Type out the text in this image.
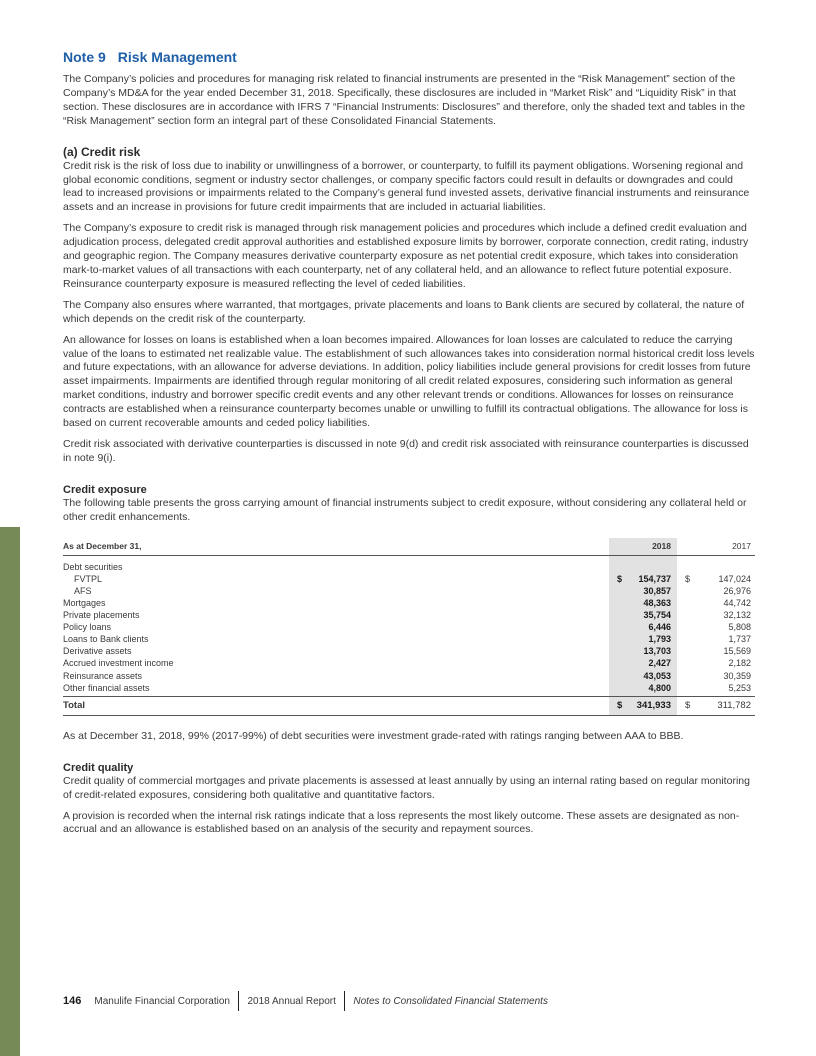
Note 9 Risk Management

The Company’s policies and procedures for managing risk related to financial instruments are presented in the “Risk Management” section of the Company’s MD&A for the year ended December 31, 2018. Specifically, these disclosures are included in “Market Risk” and “Liquidity Risk” in that section. These disclosures are in accordance with IFRS 7 “Financial Instruments: Disclosures” and therefore, only the shaded text and tables in the “Risk Management” section form an integral part of these Consolidated Financial Statements.

(a) Credit risk

Credit risk is the risk of loss due to inability or unwillingness of a borrower, or counterparty, to fulfill its payment obligations. Worsening regional and global economic conditions, segment or industry sector challenges, or company specific factors could result in defaults or downgrades and could lead to increased provisions or impairments related to the Company’s general fund invested assets, derivative financial instruments and reinsurance assets and an increase in provisions for future credit impairments that are included in actuarial liabilities.

The Company’s exposure to credit risk is managed through risk management policies and procedures which include a defined credit evaluation and adjudication process, delegated credit approval authorities and established exposure limits by borrower, corporate connection, credit rating, industry and geographic region. The Company measures derivative counterparty exposure as net potential credit exposure, which takes into consideration mark-to-market values of all transactions with each counterparty, net of any collateral held, and an allowance to reflect future potential exposure. Reinsurance counterparty exposure is measured reflecting the level of ceded liabilities.

The Company also ensures where warranted, that mortgages, private placements and loans to Bank clients are secured by collateral, the nature of which depends on the credit risk of the counterparty.

An allowance for losses on loans is established when a loan becomes impaired. Allowances for loan losses are calculated to reduce the carrying value of the loans to estimated net realizable value. The establishment of such allowances takes into consideration normal historical credit loss levels and future expectations, with an allowance for adverse deviations. In addition, policy liabilities include general provisions for credit losses from future asset impairments. Impairments are identified through regular monitoring of all credit related exposures, considering such information as general market conditions, industry and borrower specific credit events and any other relevant trends or conditions. Allowances for losses on reinsurance contracts are established when a reinsurance counterparty becomes unable or unwilling to fulfill its contractual obligations. The allowance for loss is based on current recoverable amounts and ceded policy liabilities.

Credit risk associated with derivative counterparties is discussed in note 9(d) and credit risk associated with reinsurance counterparties is discussed in note 9(i).

Credit exposure

The following table presents the gross carrying amount of financial instruments subject to credit exposure, without considering any collateral held or other credit enhancements.

As at December 31,	2018	2017
Debt securities		
FVTPL	$ 154,737	$ 147,024

AFS	30,857	26,976

Mortgages	48,363	44,742

Private placements	35,754	32,132

Policy loans	6,446	5,808

Loans to Bank clients	1,793	1,737

Derivative assets	13,703	15,569

Accrued investment income	2,427	2,182

Reinsurance assets	43,053	30,359

Other financial assets	4,800	5,253

Total	$ 341,933	$ 311,782

As at December 31, 2018, 99% (2017-99%) of debt securities were investment grade-rated with ratings ranging between AAA to BBB.

Credit quality

Credit quality of commercial mortgages and private placements is assessed at least annually by using an internal rating based on regular monitoring of credit-related exposures, considering both qualitative and quantitative factors.

A provision is recorded when the internal risk ratings indicate that a loss represents the most likely outcome. These assets are designated as non-accrual and an allowance is established based on an analysis of the security and repayment sources.

146 Manulife Financial Corporation 2018 Annual Report Notes to Consolidated Financial Statements
